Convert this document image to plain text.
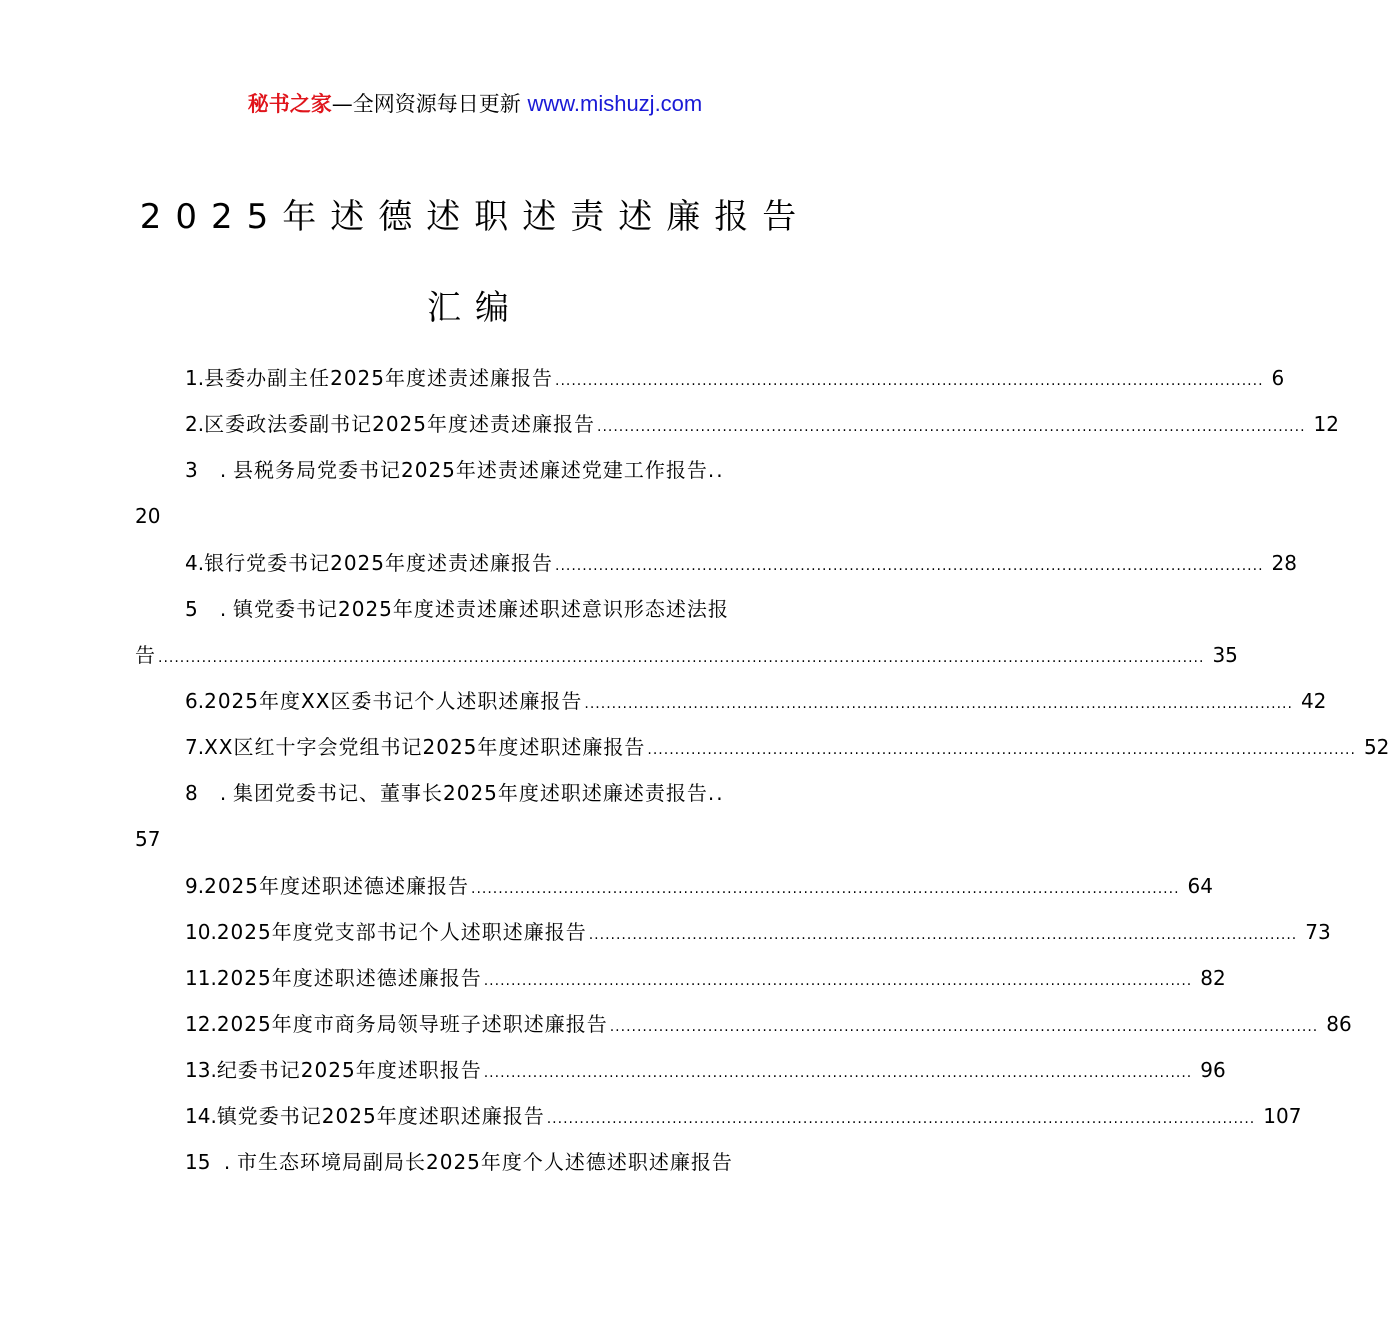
秘书之家—全网资源每日更新 www.mishuzj.com
2025年述德述职述责述廉报告
汇编
1 . 县委办副主任2025年度述责述廉报告 .................................................................................................................................. 6
2 . 区委政法委副书记2025年度述责述廉报告 .................................................................................................................................. 12
3 . 县税务局党委书记2025年述责述廉述党建工作报告..
20
4 . 银行党委书记2025年度述责述廉报告 .................................................................................................................................. 28
5 . 镇党委书记2025年度述责述廉述职述意识形态述法报
告 ................................................................................................................................................................................................ 35
6 . 2025年度XX区委书记个人述职述廉报告 .................................................................................................................................. 42
7 . XX区红十字会党组书记2025年度述职述廉报告 .................................................................................................................................. 52
8 . 集团党委书记、董事长2025年度述职述廉述责报告..
57
9 . 2025年度述职述德述廉报告 .................................................................................................................................. 64
10 . 2025年度党支部书记个人述职述廉报告 .................................................................................................................................. 73
11 . 2025年度述职述德述廉报告 .................................................................................................................................. 82
12 . 2025年度市商务局领导班子述职述廉报告 .................................................................................................................................. 86
13 . 纪委书记2025年度述职报告 .................................................................................................................................. 96
14 . 镇党委书记2025年度述职述廉报告 .................................................................................................................................. 107
15 . 市生态环境局副局长2025年度个人述德述职述廉报告
